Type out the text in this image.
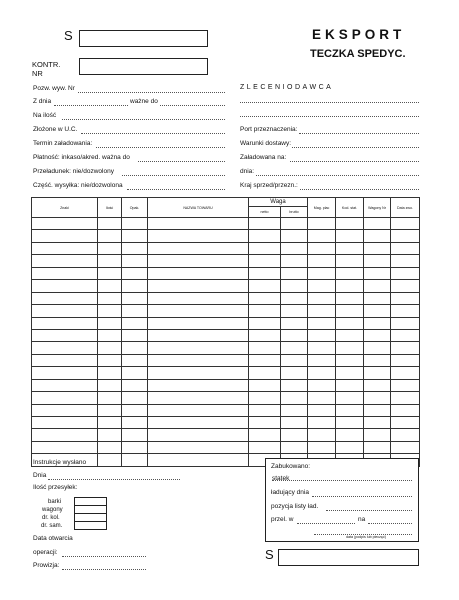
S
KONTR.
NR
EKSPORT
TECZKA SPEDYC.
Pozw. wyw. Nr
Z dnia	ważne do
Na ilość
Złożone w U.C.
Termin załadowania:
Płatność: inkaso/akred. ważna do
Przeładunek: nie/dozwolony
Część. wysyłka: nie/dozwolona
ZLECENIODAWCA
Port przeznaczenia:
Warunki dostawy:
Załadowana na:
dnia:
Kraj sprzed/przezn.:
Znaki	Ilość	Opak.	NAZWA TOWARU	Waga		Mag. plac	Kod. stat.	Wagony Nr	Data zwo.
				netto	brutto				

Instrukcje wysłano
Dnia
Ilość przesyłek:
barki
wagony
dr. kol.
dr. sam.
Data otwarcia
operacji:
Prowizja:
Zabukowano:
ładujący dnia
pozycja listy ład.
przel. w	na
data (podpis lub pieczęć)
statek
S
